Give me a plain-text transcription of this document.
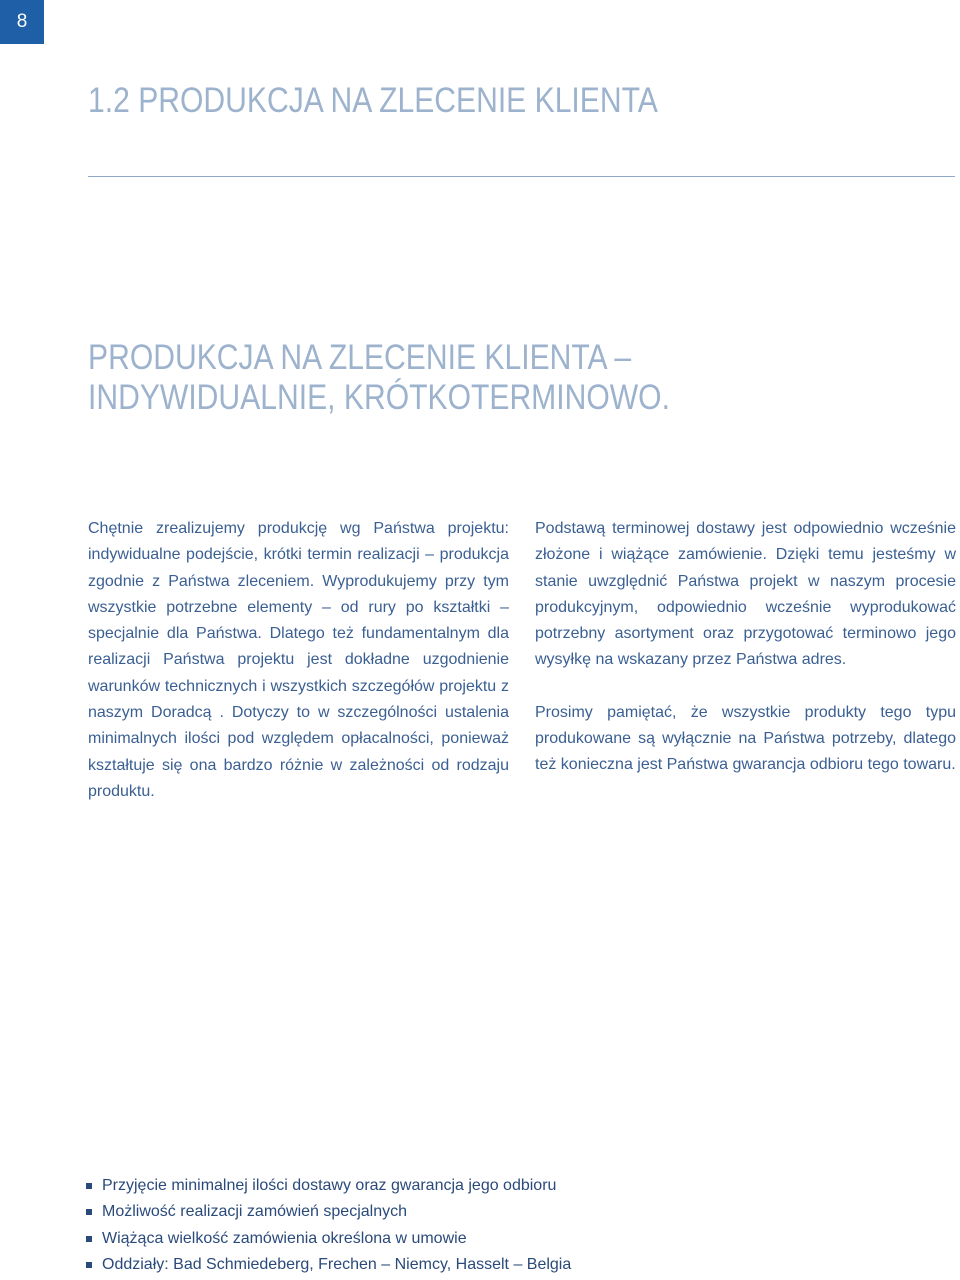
8
1.2 PRODUKCJA NA ZLECENIE KLIENTA
PRODUKCJA NA ZLECENIE KLIENTA –
INDYWIDUALNIE, KRÓTKOTERMINOWO.

Chętnie zrealizujemy produkcję wg Państwa projektu: indywidualne podejście, krótki termin realizacji – produkcja zgodnie z Państwa zleceniem. Wyprodukujemy przy tym wszystkie potrzebne elementy – od rury po kształtki – specjalnie dla Państwa. Dlatego też fundamentalnym dla realizacji Państwa projektu jest dokładne uzgodnienie warunków technicznych i wszystkich szczegółów projektu z naszym Doradcą . Dotyczy to w szczególności ustalenia minimalnych ilości pod względem opłacalności, ponieważ kształtuje się ona bardzo różnie w zależności od rodzaju produktu.

Podstawą terminowej dostawy jest odpowiednio wcześnie złożone i wiążące zamówienie. Dzięki temu jesteśmy w stanie uwzględnić Państwa projekt w naszym procesie produkcyjnym, odpowiednio wcześnie wyprodukować potrzebny asortyment oraz przygotować terminowo jego wysyłkę na wskazany przez Państwa adres.

Prosimy pamiętać, że wszystkie produkty tego typu produkowane są wyłącznie na Państwa potrzeby, dlatego też konieczna jest Państwa gwarancja odbioru tego towaru.

Przyjęcie minimalnej ilości dostawy oraz gwarancja jego odbioru
Możliwość realizacji zamówień specjalnych
Wiążąca wielkość zamówienia określona w umowie
Oddziały: Bad Schmiedeberg, Frechen – Niemcy, Hasselt – Belgia
